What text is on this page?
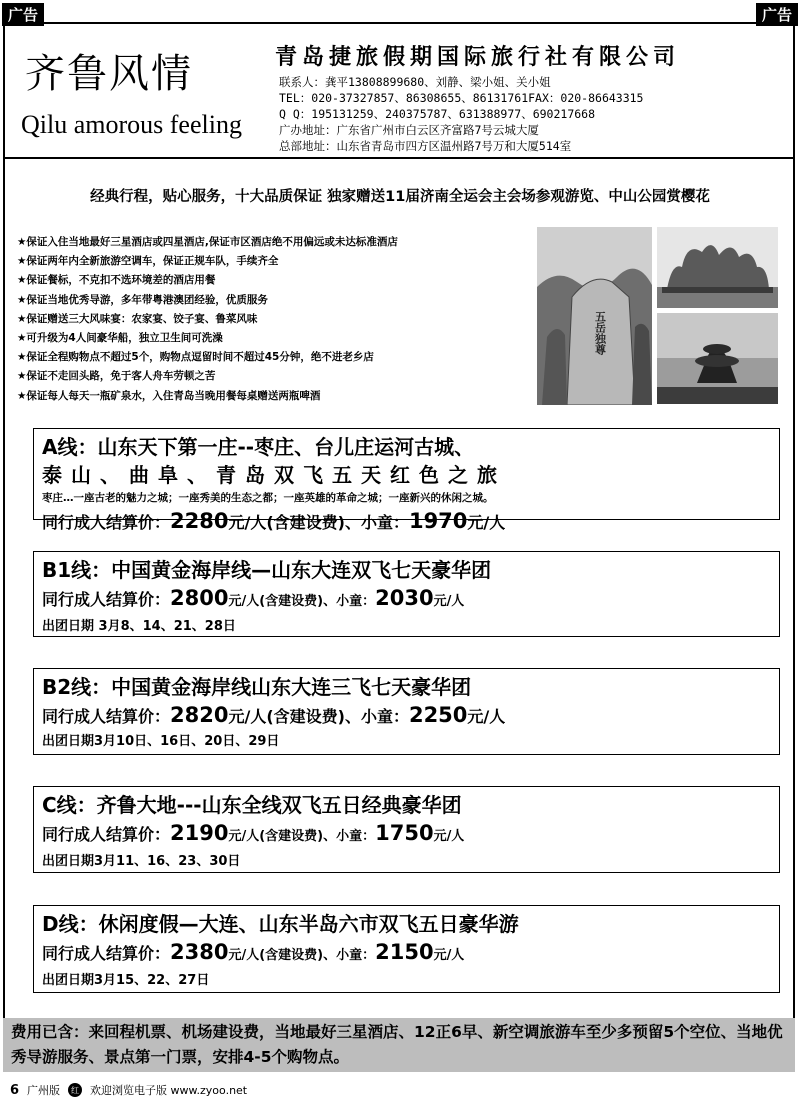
广告	广告
齐鲁风情
Qilu amorous feeling
青岛捷旅假期国际旅行社有限公司
联系人：龚平13808899680、刘静、梁小姐、关小姐
TEL：020-37327857、86308655、86131761FAX：020-86643315
Q Q：195131259、240375787、631388977、690217668
广办地址：广东省广州市白云区齐富路7号云城大厦
总部地址：山东省青岛市四方区温州路7号万和大厦514室
经典行程，贴心服务，十大品质保证 独家赠送11届济南全运会主会场参观游览、中山公园赏樱花
★保证入住当地最好三星酒店或四星酒店,保证市区酒店绝不用偏远或未达标准酒店
★保证两年内全新旅游空调车，保证正规车队，手续齐全
★保证餐标，不克扣不选环境差的酒店用餐
★保证当地优秀导游，多年带粤港澳团经验，优质服务
★保证赠送三大风味宴：农家宴、饺子宴、鲁菜风味
★可升级为4人间豪华船，独立卫生间可洗澡
★保证全程购物点不超过5个，购物点逗留时间不超过45分钟，绝不进老乡店
★保证不走回头路，免于客人舟车劳顿之苦
★保证每人每天一瓶矿泉水，入住青岛当晚用餐每桌赠送两瓶啤酒
五岳独尊
A线：山东天下第一庄--枣庄、台儿庄运河古城、
泰山、曲阜、青岛双飞五天红色之旅
枣庄…一座古老的魅力之城；一座秀美的生态之都；一座英雄的革命之城；一座新兴的休闲之城。
同行成人结算价：2280元/人(含建设费)、小童：1970元/人
B1线：中国黄金海岸线—山东大连双飞七天豪华团
同行成人结算价：2800元/人(含建设费)、小童：2030元/人
出团日期 3月8、14、21、28日
B2线：中国黄金海岸线山东大连三飞七天豪华团
同行成人结算价：2820元/人(含建设费)、小童：2250元/人
出团日期3月10日、16日、20日、29日
C线：齐鲁大地---山东全线双飞五日经典豪华团
同行成人结算价：2190元/人(含建设费)、小童：1750元/人
出团日期3月11、16、23、30日
D线：休闲度假—大连、山东半岛六市双飞五日豪华游
同行成人结算价：2380元/人(含建设费)、小童：2150元/人
出团日期3月15、22、27日
费用已含：来回程机票、机场建设费，当地最好三星酒店、12正6早、新空调旅游车至少多预留5个空位、当地优秀导游服务、景点第一门票，安排4-5个购物点。
6 广州版	红 欢迎浏览电子版 www.zyoo.net
